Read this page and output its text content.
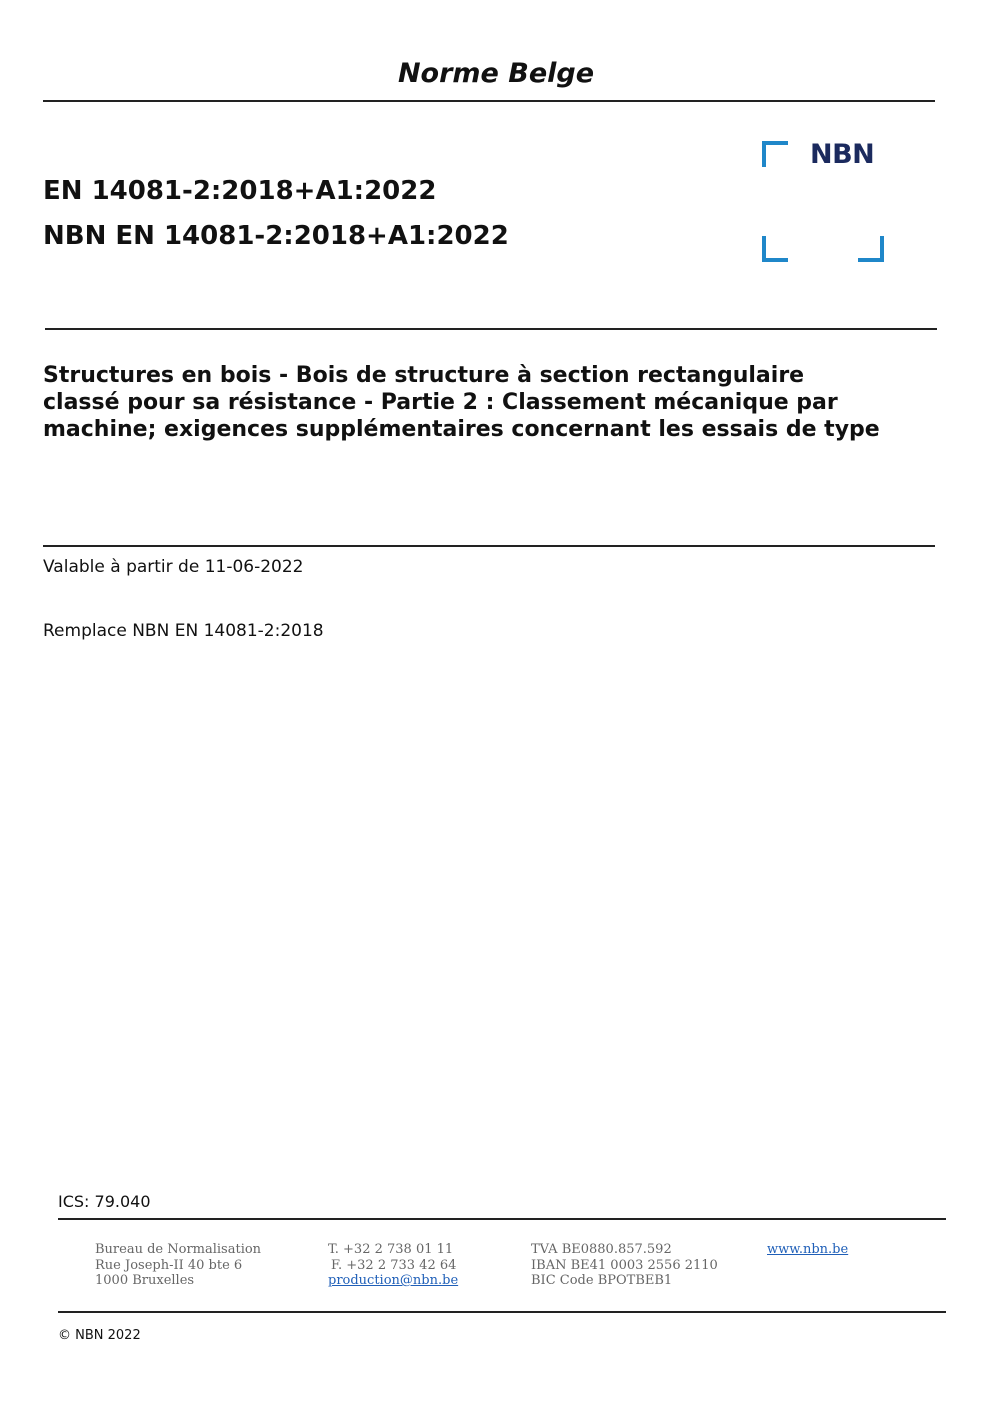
Norme Belge
EN 14081-2:2018+A1:2022
NBN EN 14081-2:2018+A1:2022
NBN
Structures en bois - Bois de structure à section rectangulaire classé pour sa résistance - Partie 2 : Classement mécanique par machine; exigences supplémentaires concernant les essais de type
Valable à partir de 11-06-2022
Remplace NBN EN 14081-2:2018
ICS: 79.040
Bureau de Normalisation
Rue Joseph-II 40 bte 6
1000 Bruxelles
T. +32 2 738 01 11
F. +32 2 733 42 64
production@nbn.be
TVA BE0880.857.592
IBAN BE41 0003 2556 2110
BIC Code BPOTBEB1
www.nbn.be
© NBN 2022
